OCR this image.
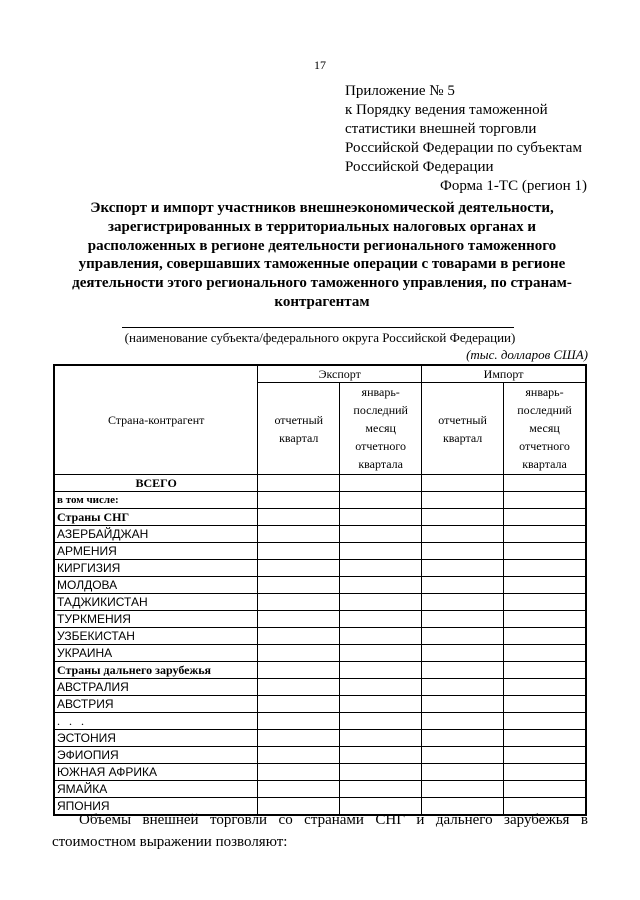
17
Приложение № 5
к Порядку ведения таможенной
статистики внешней торговли
Российской Федерации по субъектам
Российской Федерации
Форма 1-ТС (регион 1)
Экспорт и импорт участников внешнеэкономической деятельности,
зарегистрированных в территориальных налоговых органах и
расположенных в регионе деятельности регионального таможенного
управления, совершавших таможенные операции с товарами в регионе
деятельности этого регионального таможенного управления, по странам-
контрагентам
(наименование субъекта/федерального округа Российской Федерации)
(тыс. долларов США)
Страна-контрагент	Экспорт		Импорт	
	отчетный квартал	январь-последний месяц отчетного квартала	отчетный квартал	январь-последний месяц отчетного квартала
ВСЕГО				
в том числе:				
Страны СНГ				
АЗЕРБАЙДЖАН				
АРМЕНИЯ				
КИРГИЗИЯ				
МОЛДОВА				
ТАДЖИКИСТАН				
ТУРКМЕНИЯ				
УЗБЕКИСТАН				
УКРАИНА				
Страны дальнего зарубежья				
АВСТРАЛИЯ				
АВСТРИЯ				
. . .				
ЭСТОНИЯ				
ЭФИОПИЯ				
ЮЖНАЯ АФРИКА				
ЯМАЙКА				
ЯПОНИЯ				
Объемы внешней торговли со странами СНГ и дальнего зарубежья в стоимостном выражении позволяют:
